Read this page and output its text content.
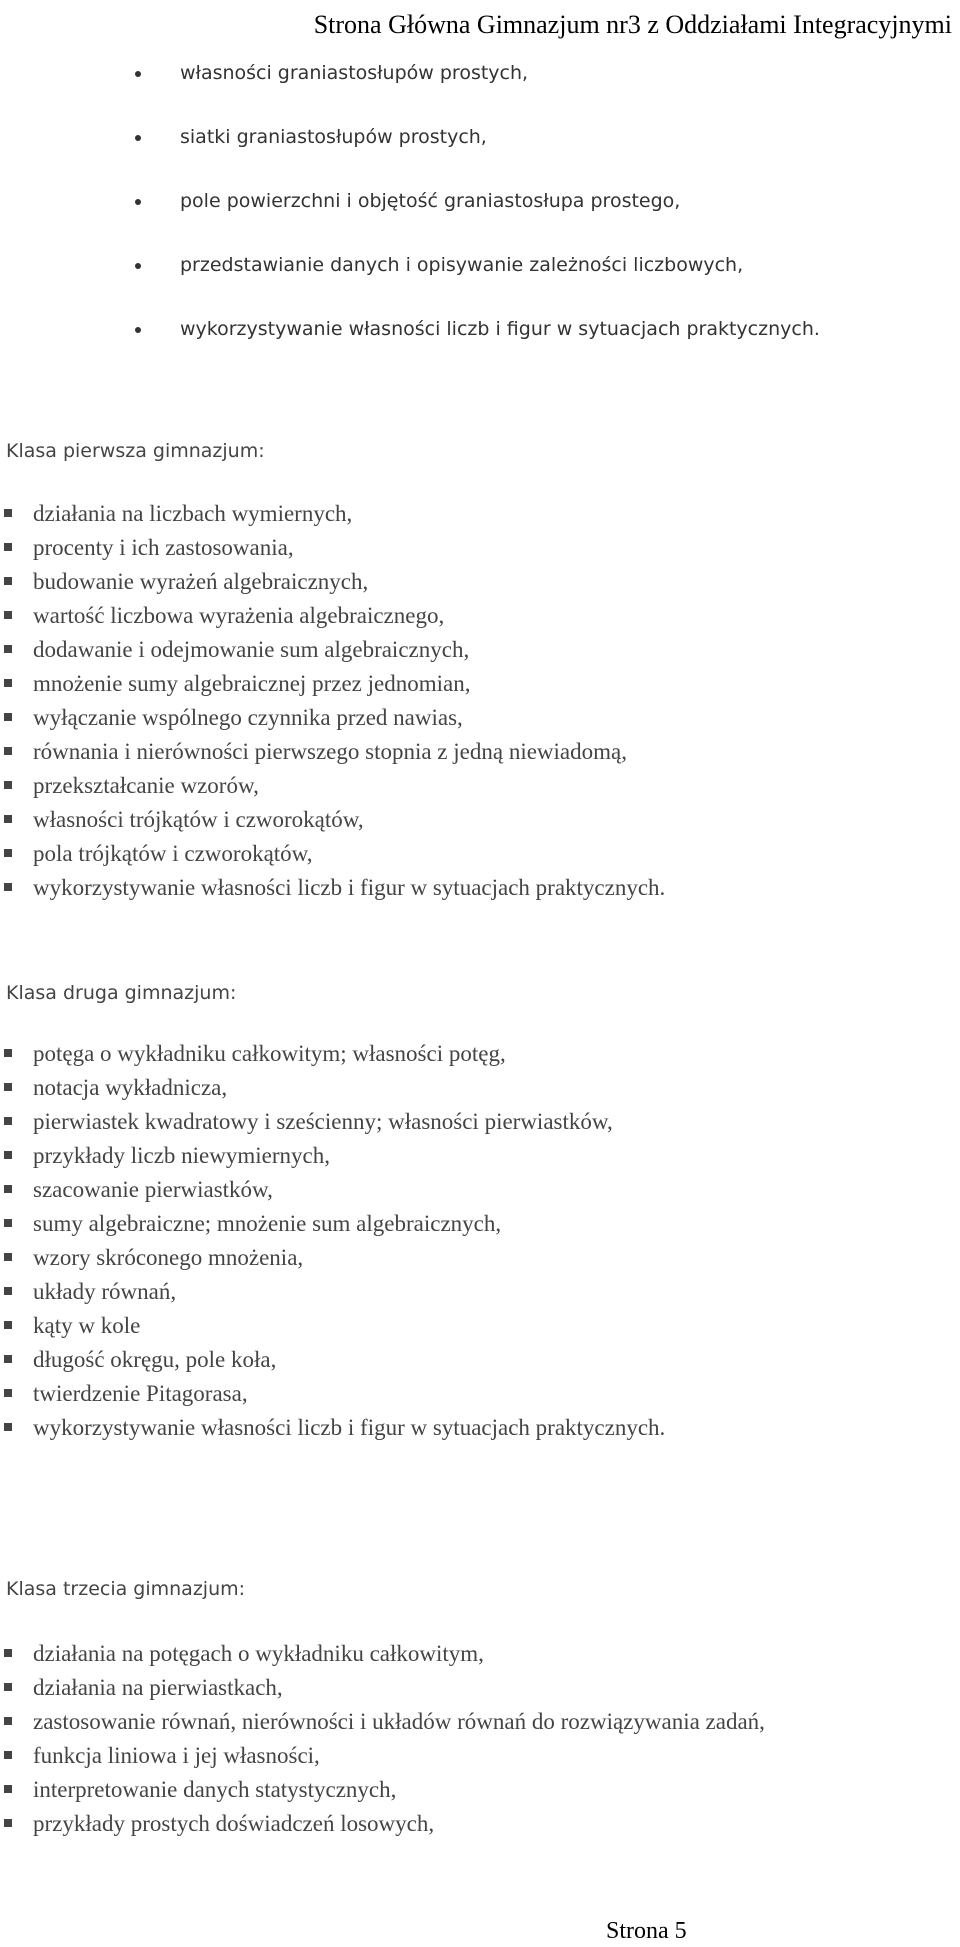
Strona Główna Gimnazjum nr3 z Oddziałami Integracyjnymi
własności graniastosłupów prostych,
siatki graniastosłupów prostych,
pole powierzchni i objętość graniastosłupa prostego,
przedstawianie danych i opisywanie zależności liczbowych,
wykorzystywanie własności liczb i figur w sytuacjach praktycznych.
Klasa pierwsza gimnazjum:
działania na liczbach wymiernych,
procenty i ich zastosowania,
budowanie wyrażeń algebraicznych,
wartość liczbowa wyrażenia algebraicznego,
dodawanie i odejmowanie sum algebraicznych,
mnożenie sumy algebraicznej przez jednomian,
wyłączanie wspólnego czynnika przed nawias,
równania i nierówności pierwszego stopnia z jedną niewiadomą,
przekształcanie wzorów,
własności trójkątów i czworokątów,
pola trójkątów i czworokątów,
wykorzystywanie własności liczb i figur w sytuacjach praktycznych.
Klasa druga gimnazjum:
potęga o wykładniku całkowitym; własności potęg,
notacja wykładnicza,
pierwiastek kwadratowy i sześcienny; własności pierwiastków,
przykłady liczb niewymiernych,
szacowanie pierwiastków,
sumy algebraiczne; mnożenie sum algebraicznych,
wzory skróconego mnożenia,
układy równań,
kąty w kole
długość okręgu, pole koła,
twierdzenie Pitagorasa,
wykorzystywanie własności liczb i figur w sytuacjach praktycznych.
Klasa trzecia gimnazjum:
działania na potęgach o wykładniku całkowitym,
działania na pierwiastkach,
zastosowanie równań, nierówności i układów równań do rozwiązywania zadań,
funkcja liniowa i jej własności,
interpretowanie danych statystycznych,
przykłady prostych doświadczeń losowych,
Strona 5
